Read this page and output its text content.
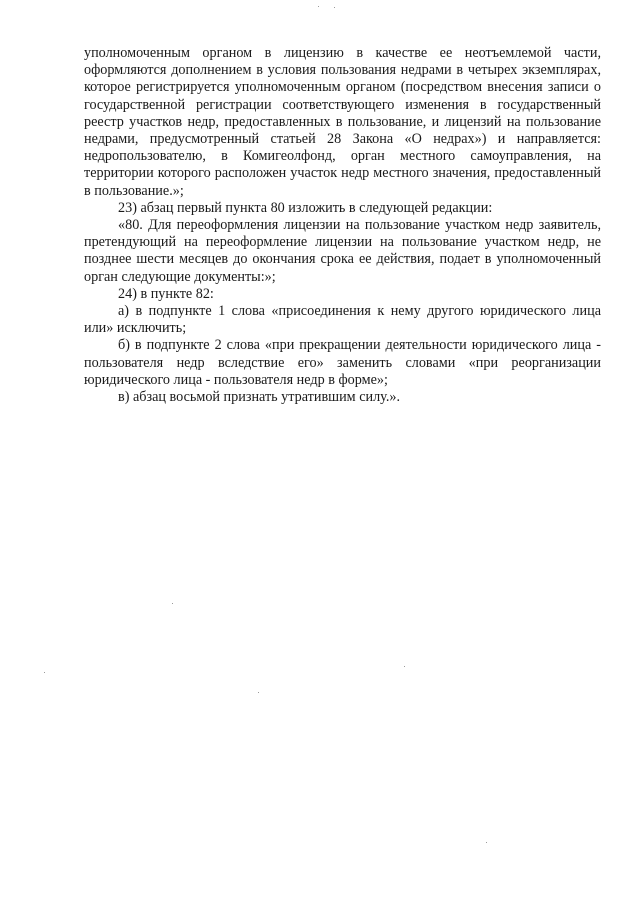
уполномоченным органом в лицензию в качестве ее неотъемлемой части, оформляются дополнением в условия пользования недрами в четырех экземплярах, которое регистрируется уполномоченным органом (посредством внесения записи о государственной регистрации соответствующего изменения в государственный реестр участков недр, предоставленных в пользование, и лицензий на пользование недрами, предусмотренный статьей 28 Закона «О недрах») и направляется: недропользователю, в Комигеолфонд, орган местного самоуправления, на территории которого расположен участок недр местного значения, предоставленный в пользование.»;

23) абзац первый пункта 80 изложить в следующей редакции:

«80. Для переоформления лицензии на пользование участком недр заявитель, претендующий на переоформление лицензии на пользование участком недр, не позднее шести месяцев до окончания срока ее действия, подает в уполномоченный орган следующие документы:»;

24) в пункте 82:

а) в подпункте 1 слова «присоединения к нему другого юридического лица или» исключить;

б) в подпункте 2 слова «при прекращении деятельности юридического лица - пользователя недр вследствие его» заменить словами «при реорганизации юридического лица - пользователя недр в форме»;

в) абзац восьмой признать утратившим силу.».
